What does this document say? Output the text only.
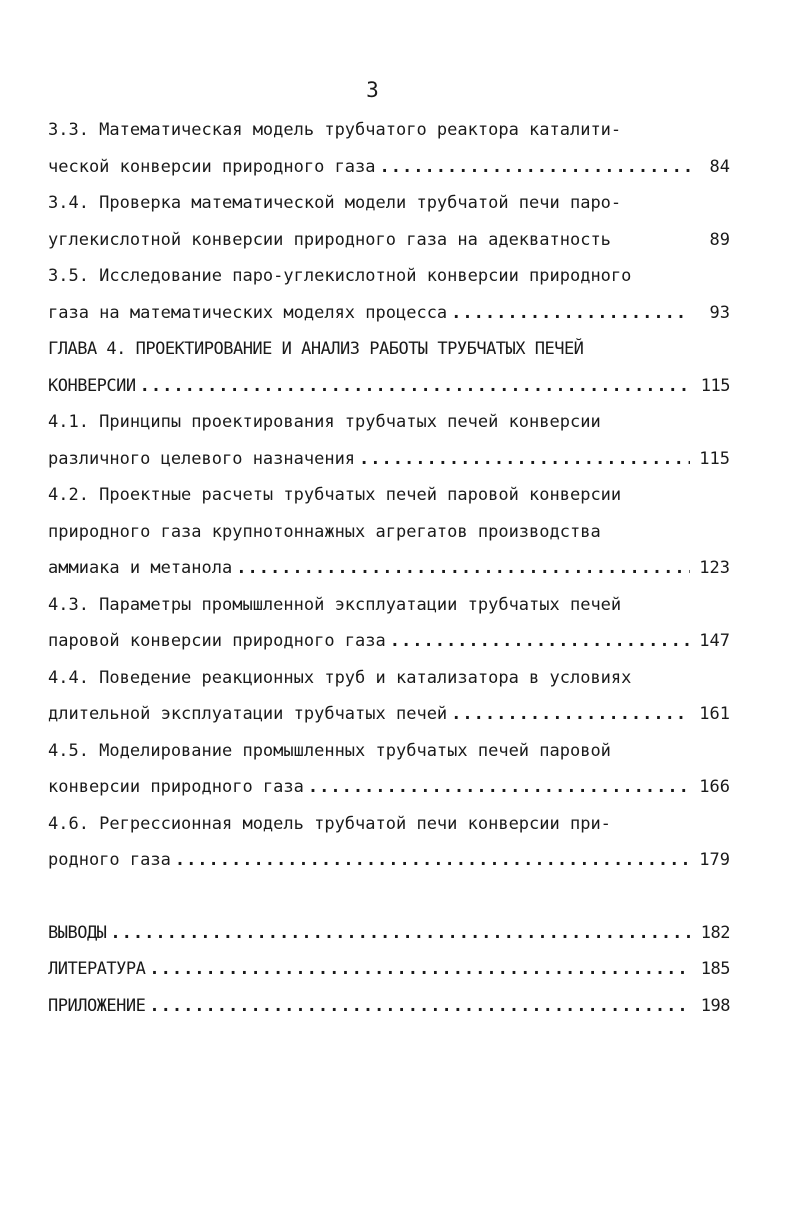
3
3.3. Математическая модель трубчатого реактора каталити-
ческой конверсии природного газа .....	84
3.4. Проверка математической модели трубчатой печи паро-
углекислотной конверсии природного газа на адекватность	89
3.5. Исследование паро-углекислотной конверсии природного
газа на математических моделях процесса .....	93
ГЛАВА 4. ПРОЕКТИРОВАНИЕ И АНАЛИЗ РАБОТЫ ТРУБЧАТЫХ ПЕЧЕЙ
КОНВЕРСИИ .....	115
4.1. Принципы проектирования трубчатых печей конверсии
различного целевого назначения .....	115
4.2. Проектные расчеты трубчатых печей паровой конверсии
природного газа крупнотоннажных агрегатов производства
аммиака и метанола .....	123
4.3. Параметры промышленной эксплуатации трубчатых печей
паровой конверсии природного газа .....	147
4.4. Поведение реакционных труб и катализатора в условиях
длительной эксплуатации трубчатых печей .....	161
4.5. Моделирование промышленных трубчатых печей паровой
конверсии природного газа .....	166
4.6. Регрессионная модель трубчатой печи конверсии при-
родного газа .....	179
ВЫВОДЫ .....	182
ЛИТЕРАТУРА .....	185
ПРИЛОЖЕНИЕ .....	198
